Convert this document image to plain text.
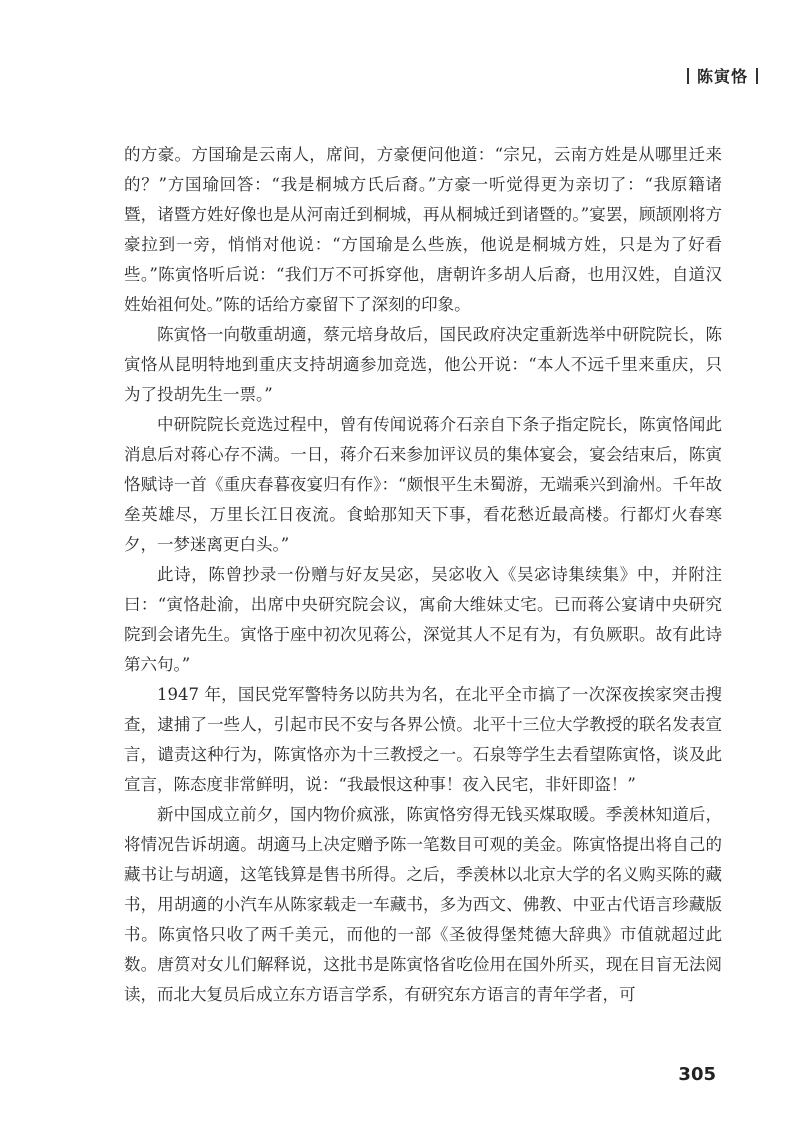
陈寅恪

的方豪。方国瑜是云南人，席间，方豪便问他道：“宗兄，云南方姓是从哪里迁来的？”方国瑜回答：“我是桐城方氏后裔。”方豪一听觉得更为亲切了：“我原籍诸暨，诸暨方姓好像也是从河南迁到桐城，再从桐城迁到诸暨的。”宴罢，顾颉刚将方豪拉到一旁，悄悄对他说：“方国瑜是么些族，他说是桐城方姓，只是为了好看些。”陈寅恪听后说：“我们万不可拆穿他，唐朝许多胡人后裔，也用汉姓，自道汉姓始祖何处。”陈的话给方豪留下了深刻的印象。

陈寅恪一向敬重胡適，蔡元培身故后，国民政府决定重新选举中研院院长，陈寅恪从昆明特地到重庆支持胡適参加竞选，他公开说：“本人不远千里来重庆，只为了投胡先生一票。”

中研院院长竞选过程中，曾有传闻说蒋介石亲自下条子指定院长，陈寅恪闻此消息后对蒋心存不满。一日，蒋介石来参加评议员的集体宴会，宴会结束后，陈寅恪赋诗一首《重庆春暮夜宴归有作》：“颇恨平生未蜀游，无端乘兴到渝州。千年故垒英雄尽，万里长江日夜流。食蛤那知天下事，看花愁近最高楼。行都灯火春寒夕，一梦迷离更白头。”

此诗，陈曾抄录一份赠与好友吴宓，吴宓收入《吴宓诗集续集》中，并附注曰：“寅恪赴渝，出席中央研究院会议，寓俞大维妹丈宅。已而蒋公宴请中央研究院到会诸先生。寅恪于座中初次见蒋公，深觉其人不足有为，有负厥职。故有此诗第六句。”

1947 年，国民党军警特务以防共为名，在北平全市搞了一次深夜挨家突击搜查，逮捕了一些人，引起市民不安与各界公愤。北平十三位大学教授的联名发表宣言，谴责这种行为，陈寅恪亦为十三教授之一。石泉等学生去看望陈寅恪，谈及此宣言，陈态度非常鲜明，说：“我最恨这种事！夜入民宅，非奸即盗！”

新中国成立前夕，国内物价疯涨，陈寅恪穷得无钱买煤取暖。季羡林知道后，将情况告诉胡適。胡適马上决定赠予陈一笔数目可观的美金。陈寅恪提出将自己的藏书让与胡適，这笔钱算是售书所得。之后，季羡林以北京大学的名义购买陈的藏书，用胡適的小汽车从陈家载走一车藏书，多为西文、佛教、中亚古代语言珍藏版书。陈寅恪只收了两千美元，而他的一部《圣彼得堡梵德大辞典》市值就超过此数。唐筼对女儿们解释说，这批书是陈寅恪省吃俭用在国外所买，现在目盲无法阅读，而北大复员后成立东方语言学系，有研究东方语言的青年学者，可

305
